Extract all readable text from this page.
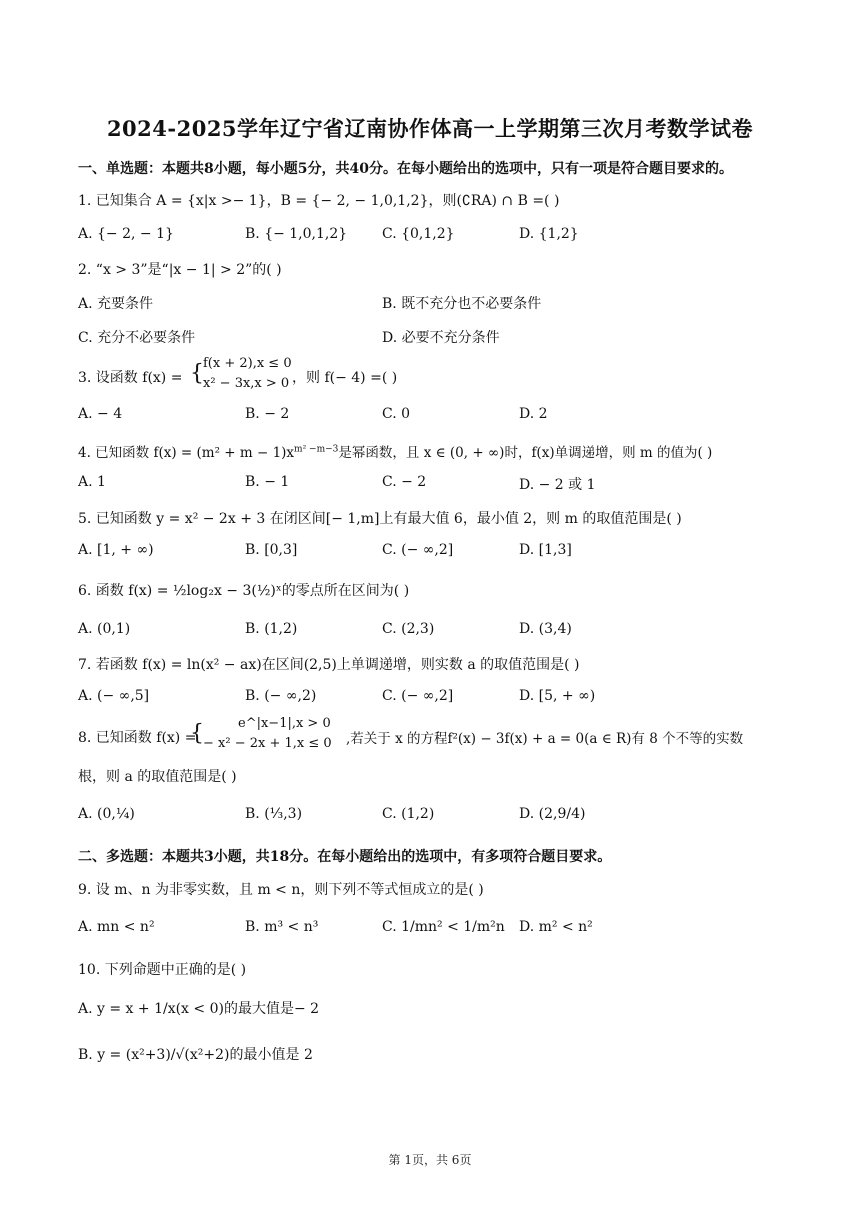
2024-2025学年辽宁省辽南协作体高一上学期第三次月考数学试卷
一、单选题：本题共8小题，每小题5分，共40分。在每小题给出的选项中，只有一项是符合题目要求的。
1. 已知集合 A = {x|x >− 1}，B = {− 2, − 1,0,1,2}，则(∁RA) ∩ B =( )
A. {− 2, − 1}	B. {− 1,0,1,2} C. {0,1,2}	D. {1,2}
2. “x > 3”是“|x − 1| > 2”的( )
A. 充要条件	B. 既不充分也不必要条件
C. 充分不必要条件	D. 必要不充分条件
3. 设函数 f(x) = { f(x + 2),x ≤ 0
x² − 3x,x > 0 ，则 f(− 4) =( )
A. − 4	B. − 2	C. 0	D. 2
4. 已知函数 $f(x) = (m^2 + m - 1)x^{m^2 -m-3}$是幂函数，且 x ∈ (0, + ∞)时，f(x)单调递增，则 m 的值为( )
A. 1	B. − 1	C. − 2	D. − 2 或 1
5. 已知函数 y = x² − 2x + 3 在闭区间[− 1,m]上有最大值 6，最小值 2，则 m 的取值范围是( )
A. [1, + ∞)	B. [0,3]	C. (− ∞,2]	D. [1,3]
6. 函数 f(x) = ½log₂x − 3(½)ˣ的零点所在区间为( )
A. (0,1)	B. (1,2)	C. (2,3)	D. (3,4)
7. 若函数 f(x) = ln(x² − ax)在区间(2,5)上单调递增，则实数 a 的取值范围是( )
A. (− ∞,5]	B. (− ∞,2)	C. (− ∞,2]	D. [5, + ∞)
8. 已知函数 f(x) =
{	e^|x−1|,x > 0
− x² − 2x + 1,x ≤ 0 ,若关于 x 的方程f²(x) − 3f(x) + a = 0(a ∈ R)有 8 个不等的实数
根，则 a 的取值范围是( )
A. (0,¼)	B. (⅓,3)	C. (1,2)	D. (2,9/4)
二、多选题：本题共3小题，共18分。在每小题给出的选项中，有多项符合题目要求。
9. 设 m、n 为非零实数，且 m < n，则下列不等式恒成立的是( )
A. mn < n²	B. m³ < n³	C. 1/mn² < 1/m²n D. m² < n²
10. 下列命题中正确的是( )
A. y = x + 1/x(x < 0)的最大值是− 2
B. y = (x²+3)/√(x²+2)的最小值是 2
第 1页，共 6页
